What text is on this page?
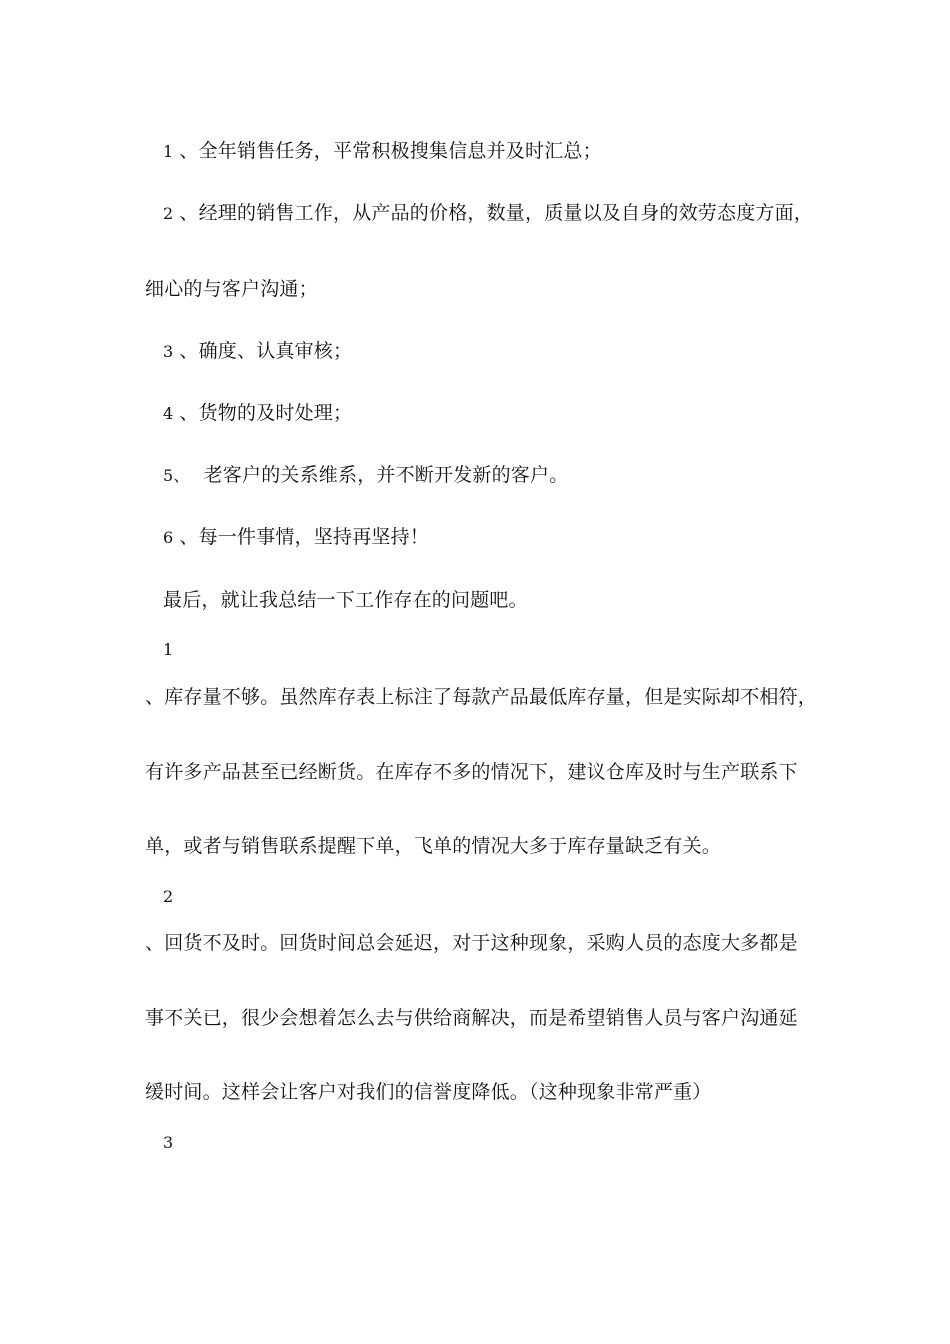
1 、全年销售任务，平常积极搜集信息并及时汇总；
2 、经理的销售工作，从产品的价格，数量，质量以及自身的效劳态度方面，
细心的与客户沟通；
3 、确度、认真审核；
4 、货物的及时处理；
5、 老客户的关系维系，并不断开发新的客户。
6 、每一件事情，坚持再坚持！
最后，就让我总结一下工作存在的问题吧。
1
、库存量不够。虽然库存表上标注了每款产品最低库存量，但是实际却不相符，
有许多产品甚至已经断货。在库存不多的情况下，建议仓库及时与生产联系下
单，或者与销售联系提醒下单，飞单的情况大多于库存量缺乏有关。
2
、回货不及时。回货时间总会延迟，对于这种现象，采购人员的态度大多都是
事不关已，很少会想着怎么去与供给商解决，而是希望销售人员与客户沟通延
缓时间。这样会让客户对我们的信誉度降低。（这种现象非常严重）
3
